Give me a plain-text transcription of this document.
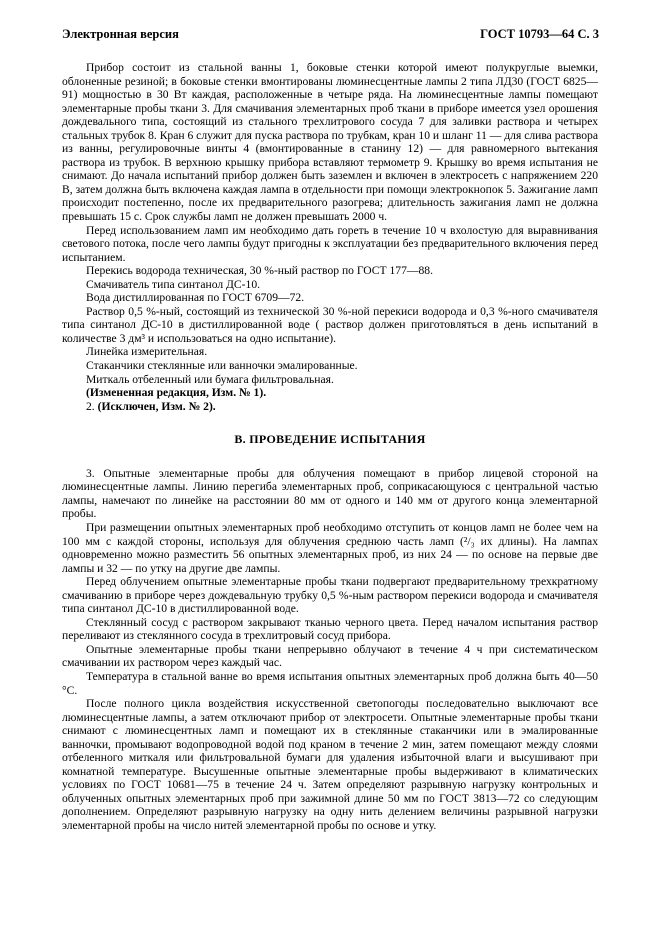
Электронная версия	ГОСТ 10793—64 С. 3

Прибор состоит из стальной ванны 1, боковые стенки которой имеют полукруглые выемки, облоненные резиной; в боковые стенки вмонтированы люминесцентные лампы 2 типа ЛД30 (ГОСТ 6825—91) мощностью в 30 Вт каждая, расположенные в четыре ряда. На люминесцентные лампы помещают элементарные пробы ткани 3. Для смачивания элементарных проб ткани в приборе имеется узел орошения дождевального типа, состоящий из стального трехлитрового сосуда 7 для заливки раствора и четырех стальных трубок 8. Кран 6 служит для пуска раствора по трубкам, кран 10 и шланг 11 — для слива раствора из ванны, регулировочные винты 4 (вмонтированные в станину 12) — для равномерного вытекания раствора из трубок. В верхнюю крышку прибора вставляют термометр 9. Крышку во время испытания не снимают. До начала испытаний прибор должен быть заземлен и включен в электросеть с напряжением 220 В, затем должна быть включена каждая лампа в отдельности при помощи электрокнопок 5. Зажигание ламп происходит постепенно, после их предварительного разогрева; длительность зажигания ламп не должна превышать 15 с. Срок службы ламп не должен превышать 2000 ч.

Перед использованием ламп им необходимо дать гореть в течение 10 ч вхолостую для выравнивания светового потока, после чего лампы будут пригодны к эксплуатации без предварительного включения перед испытанием.

Перекись водорода техническая, 30 %-ный раствор по ГОСТ 177—88.

Смачиватель типа синтанол ДС-10.

Вода дистиллированная по ГОСТ 6709—72.

Раствор 0,5 %-ный, состоящий из технической 30 %-ной перекиси водорода и 0,3 %-ного смачивателя типа синтанол ДС-10 в дистиллированной воде ( раствор должен приготовляться в день испытаний в количестве 3 дм³ и использоваться на одно испытание).

Линейка измерительная.

Стаканчики стеклянные или ванночки эмалированные.

Миткаль отбеленный или бумага фильтровальная.

(Измененная редакция, Изм. № 1).

2. (Исключен, Изм. № 2).

В. ПРОВЕДЕНИЕ ИСПЫТАНИЯ

3. Опытные элементарные пробы для облучения помещают в прибор лицевой стороной на люминесцентные лампы. Линию перегиба элементарных проб, соприкасающуюся с центральной частью лампы, намечают по линейке на расстоянии 80 мм от одного и 140 мм от другого конца элементарной пробы.

При размещении опытных элементарных проб необходимо отступить от концов ламп не более чем на 100 мм с каждой стороны, используя для облучения среднюю часть ламп (²/₃ их длины). На лампах одновременно можно разместить 56 опытных элементарных проб, из них 24 — по основе на первые две лампы и 32 — по утку на другие две лампы.

Перед облучением опытные элементарные пробы ткани подвергают предварительному трехкратному смачиванию в приборе через дождевальную трубку 0,5 %-ным раствором перекиси водорода и смачивателя типа синтанол ДС-10 в дистиллированной воде.

Стеклянный сосуд с раствором закрывают тканью черного цвета. Перед началом испытания раствор переливают из стеклянного сосуда в трехлитровый сосуд прибора.

Опытные элементарные пробы ткани непрерывно облучают в течение 4 ч при систематическом смачивании их раствором через каждый час.

Температура в стальной ванне во время испытания опытных элементарных проб должна быть 40—50 °С.

После полного цикла воздействия искусственной светопогоды последовательно выключают все люминесцентные лампы, а затем отключают прибор от электросети. Опытные элементарные пробы ткани снимают с люминесцентных ламп и помещают их в стеклянные стаканчики или в эмалированные ванночки, промывают водопроводной водой под краном в течение 2 мин, затем помещают между слоями отбеленного миткаля или фильтровальной бумаги для удаления избыточной влаги и высушивают при комнатной температуре. Высушенные опытные элементарные пробы выдерживают в климатических условиях по ГОСТ 10681—75 в течение 24 ч. Затем определяют разрывную нагрузку контрольных и облученных опытных элементарных проб при зажимной длине 50 мм по ГОСТ 3813—72 со следующим дополнением. Определяют разрывную нагрузку на одну нить делением величины разрывной нагрузки элементарной пробы на число нитей элементарной пробы по основе и утку.
